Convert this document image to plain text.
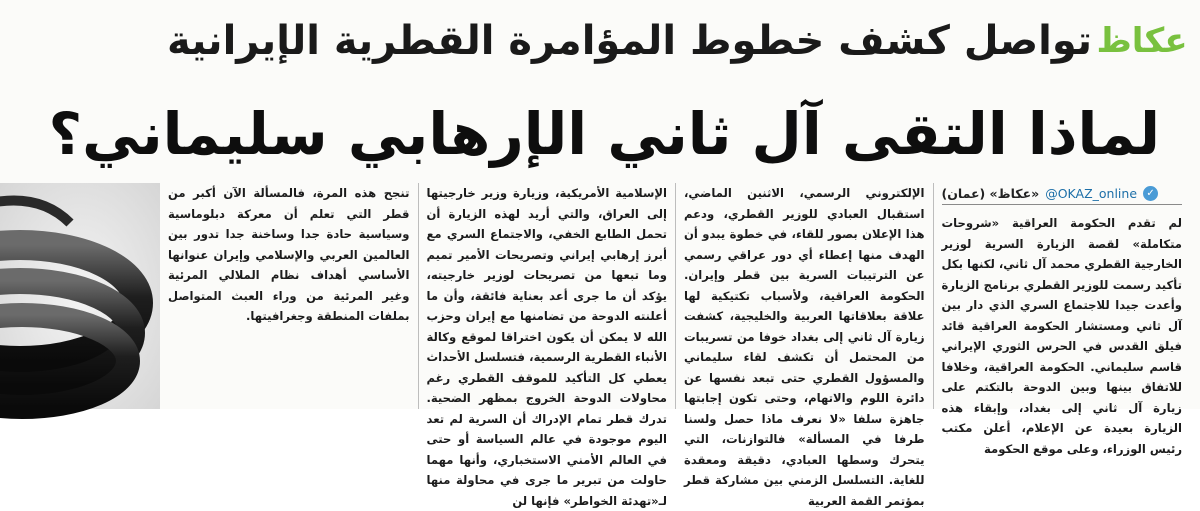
عكاظ
تواصل كشف خطوط المؤامرة القطرية الإيرانية
لماذا التقى آل ثاني الإرهابي سليماني؟
«عكاظ» (عمان) @OKAZ_online ✓

لم تقدم الحكومة العراقية «شروحات متكاملة» لقصة الزيارة السرية لوزير الخارجية القطري محمد آل ثاني، لكنها بكل تأكيد رسمت للوزير القطري برنامج الزيارة وأعدت جيدا للاجتماع السري الذي دار بين آل ثاني ومستشار الحكومة العراقية قائد فيلق القدس في الحرس الثوري الإيراني قاسم سليماني. الحكومة العراقية، وخلافا للاتفاق بينها وبين الدوحة بالتكتم على زيارة آل ثاني إلى بغداد، وإبقاء هذه الزيارة بعيدة عن الإعلام، أعلن مكتب رئيس الوزراء، وعلى موقع الحكومة

الإلكتروني الرسمي، الاثنين الماضي، استقبال العبادي للوزير القطري، ودعم هذا الإعلان بصور للقاء، في خطوة يبدو أن الهدف منها إعطاء أي دور عراقي رسمي عن الترتيبات السرية بين قطر وإيران. الحكومة العراقية، ولأسباب تكتيكية لها علاقة بعلاقاتها العربية والخليجية، كشفت زيارة آل ثاني إلى بغداد خوفا من تسريبات من المحتمل أن تكشف لقاء سليماني والمسؤول القطري حتى تبعد نفسها عن دائرة اللوم والاتهام، وحتى تكون إجابتها جاهزة سلفا «لا نعرف ماذا حصل ولسنا طرفا في المسألة» فالتوازنات، التي يتحرك وسطها العبادي، دقيقة ومعقدة للغاية. التسلسل الزمني بين مشاركة قطر بمؤتمر القمة العربية

الإسلامية الأمريكية، وزيارة وزير خارجيتها إلى العراق، والتي أريد لهذه الزيارة أن تحمل الطابع الخفي، والاجتماع السري مع أبرز إرهابي إيراني وتصريحات الأمير تميم وما تبعها من تصريحات لوزير خارجيته، يؤكد أن ما جرى أعد بعناية فائقة، وأن ما أعلنته الدوحة من تضامنها مع إيران وحزب الله لا يمكن أن يكون اختراقا لموقع وكالة الأنباء القطرية الرسمية، فتسلسل الأحداث يعطي كل التأكيد للموقف القطري رغم محاولات الدوحة الخروج بمظهر الضحية. تدرك قطر تمام الإدراك أن السرية لم تعد اليوم موجودة في عالم السياسة أو حتى في العالم الأمني الاستخباري، وأنها مهما حاولت من تبرير ما جرى في محاولة منها لـ«تهدئة الخواطر» فإنها لن

تنجح هذه المرة، فالمسألة الآن أكبر من قطر التي تعلم أن معركة دبلوماسية وسياسية حادة جدا وساخنة جدا تدور بين العالمين العربي والإسلامي وإيران عنوانها الأساسي أهداف نظام الملالي المرئية وغير المرئية من وراء العبث المتواصل بملفات المنطقة وجغرافيتها.
